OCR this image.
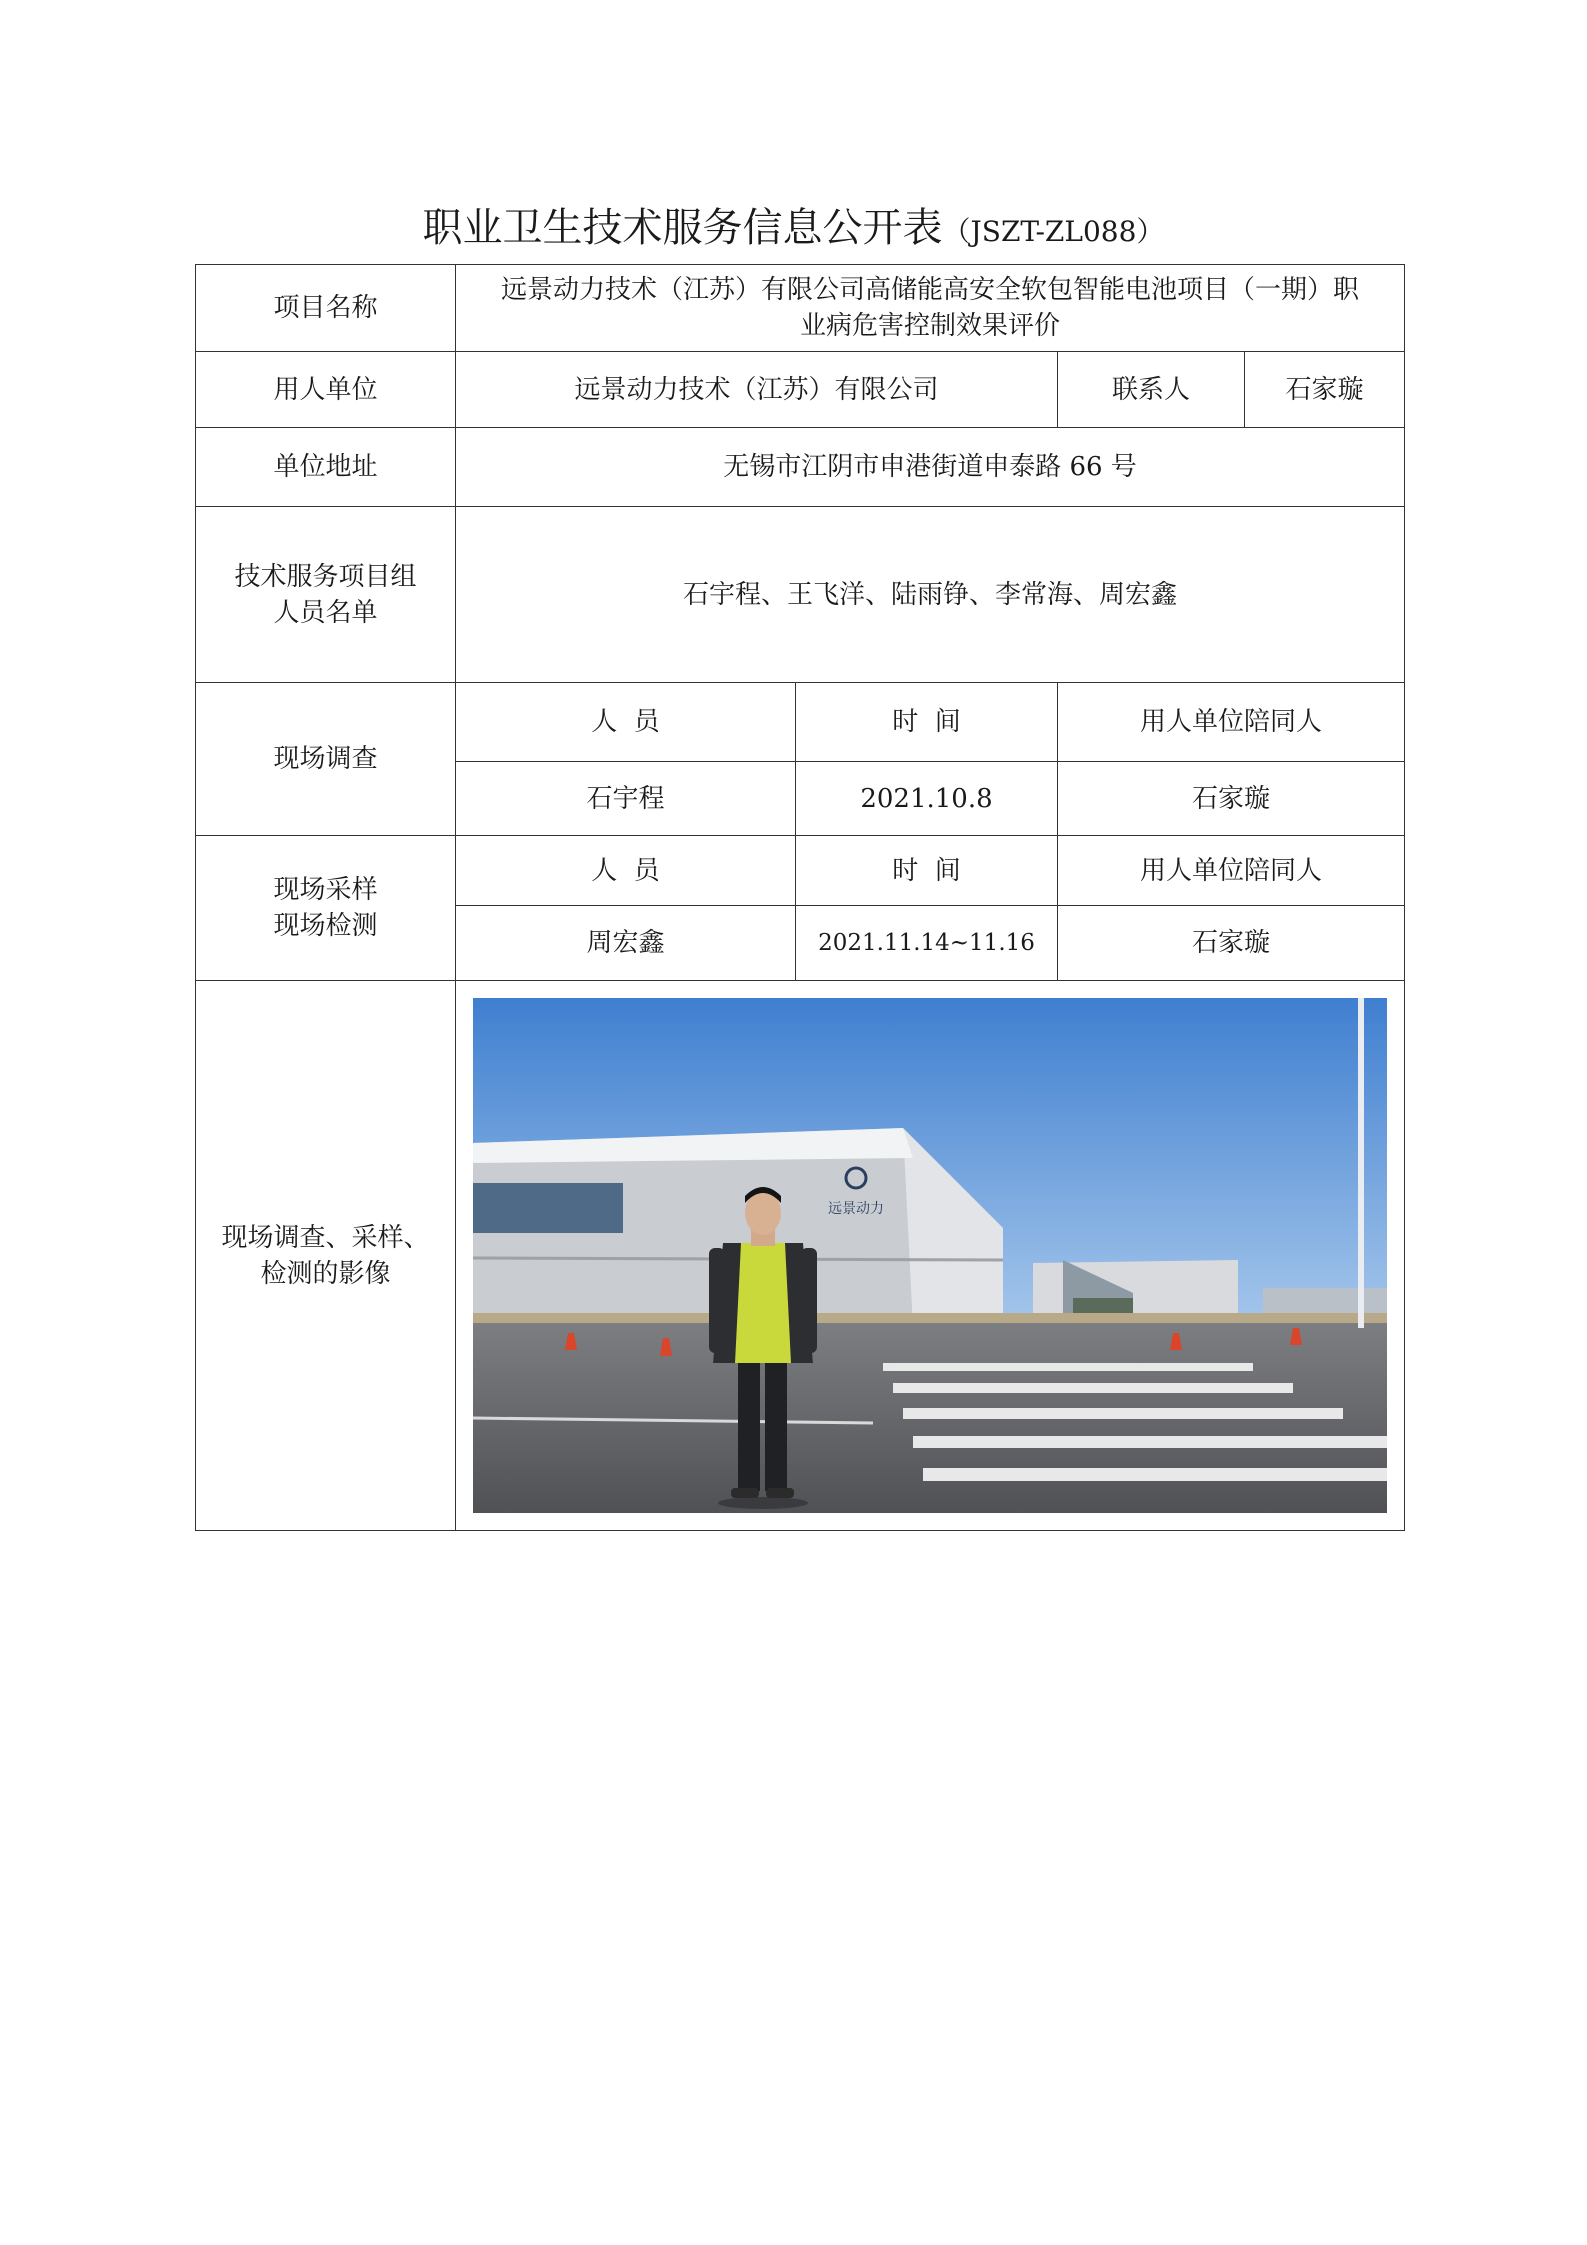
职业卫生技术服务信息公开表（JSZT-ZL088）
项目名称	远景动力技术（江苏）有限公司高储能高安全软包智能电池项目（一期）职
业病危害控制效果评价			

用人单位	远景动力技术（江苏）有限公司		联系人	石家璇
单位地址	无锡市江阴市申港街道申泰路 66 号			

技术服务项目组
人员名单	石宇程、王飞洋、陆雨铮、李常海、周宏鑫			
现场调查	人  员	时  间	用人单位陪同人	
	石宇程	2021.10.8	石家璇	

现场采样
现场检测	人  员	时  间	用人单位陪同人	
	周宏鑫	2021.11.14~11.16	石家璇	

现场调查、采样、
检测的影像	远景动力			
